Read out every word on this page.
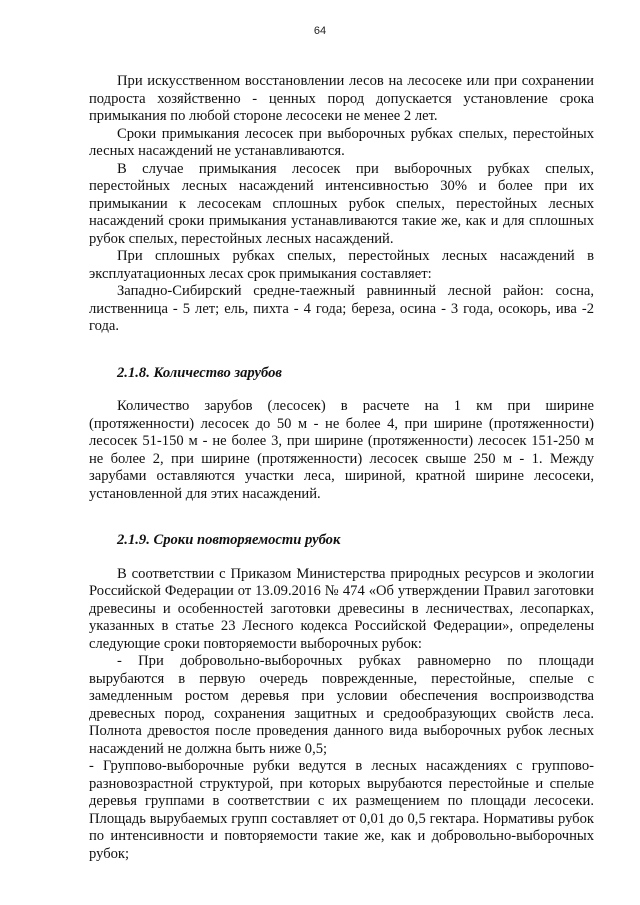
64

При искусственном восстановлении лесов на лесосеке или при сохранении подроста хозяйственно - ценных пород допускается установление срока примыкания по любой стороне лесосеки не менее 2 лет.

Сроки примыкания лесосек при выборочных рубках спелых, перестойных лесных насаждений не устанавливаются.

В случае примыкания лесосек при выборочных рубках спелых, перестойных лесных насаждений интенсивностью 30% и более при их примыкании к лесосекам сплошных рубок спелых, перестойных лесных насаждений сроки примыкания устанавливаются такие же, как и для сплошных рубок спелых, перестойных лесных насаждений.

При сплошных рубках спелых, перестойных лесных насаждений в эксплуатационных лесах срок примыкания составляет:

Западно-Сибирский средне-таежный равнинный лесной район: сосна, лиственница - 5 лет; ель, пихта - 4 года; береза, осина - 3 года, осокорь, ива -2 года.

2.1.8. Количество зарубов

Количество зарубов (лесосек) в расчете на 1 км при ширине (протяженности) лесосек до 50 м - не более 4, при ширине (протяженности) лесосек 51-150 м - не более 3, при ширине (протяженности) лесосек 151-250 м не более 2, при ширине (протяженности) лесосек свыше 250 м - 1. Между зарубами оставляются участки леса, шириной, кратной ширине лесосеки, установленной для этих насаждений.

2.1.9. Сроки повторяемости рубок

В соответствии с Приказом Министерства природных ресурсов и экологии Российской Федерации от 13.09.2016 № 474 «Об утверждении Правил заготовки древесины и особенностей заготовки древесины в лесничествах, лесопарках, указанных в статье 23 Лесного кодекса Российской Федерации», определены следующие сроки повторяемости выборочных рубок:

- При добровольно-выборочных рубках равномерно по площади вырубаются в первую очередь поврежденные, перестойные, спелые с замедленным ростом деревья при условии обеспечения воспроизводства древесных пород, сохранения защитных и средообразующих свойств леса. Полнота древостоя после проведения данного вида выборочных рубок лесных насаждений не должна быть ниже 0,5;

- Группово-выборочные рубки ведутся в лесных насаждениях с группово-разновозрастной структурой, при которых вырубаются перестойные и спелые деревья группами в соответствии с их размещением по площади лесосеки. Площадь вырубаемых групп составляет от 0,01 до 0,5 гектара. Нормативы рубок по интенсивности и повторяемости такие же, как и добровольно-выборочных рубок;
